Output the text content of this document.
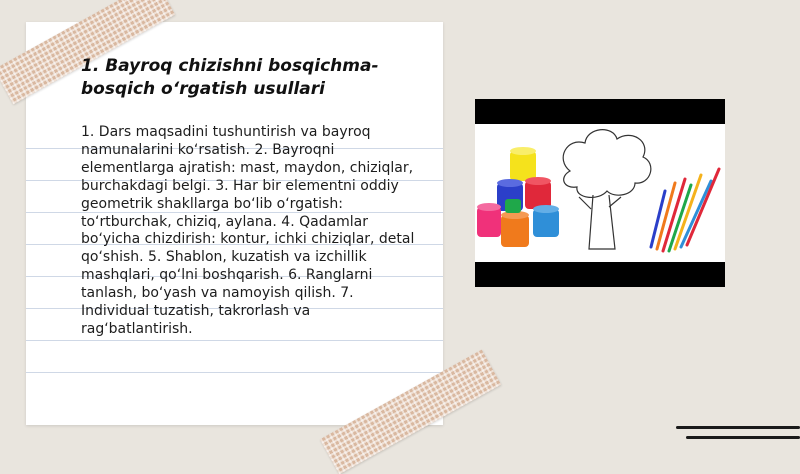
1. Bayroq chizishni bosqichma-bosqich o‘rgatish usullari

1. Dars maqsadini tushuntirish va bayroq namunalarini ko‘rsatish. 2. Bayroqni elementlarga ajratish: mast, maydon, chiziqlar, burchakdagi belgi. 3. Har bir elementni oddiy geometrik shakllarga bo‘lib o‘rgatish: to‘rtburchak, chiziq, aylana. 4. Qadamlar bo‘yicha chizdirish: kontur, ichki chiziqlar, detal qo‘shish. 5. Shablon, kuzatish va izchillik mashqlari, qo‘lni boshqarish. 6. Ranglarni tanlash, bo‘yash va namoyish qilish. 7. Individual tuzatish, takrorlash va rag‘batlantirish.
